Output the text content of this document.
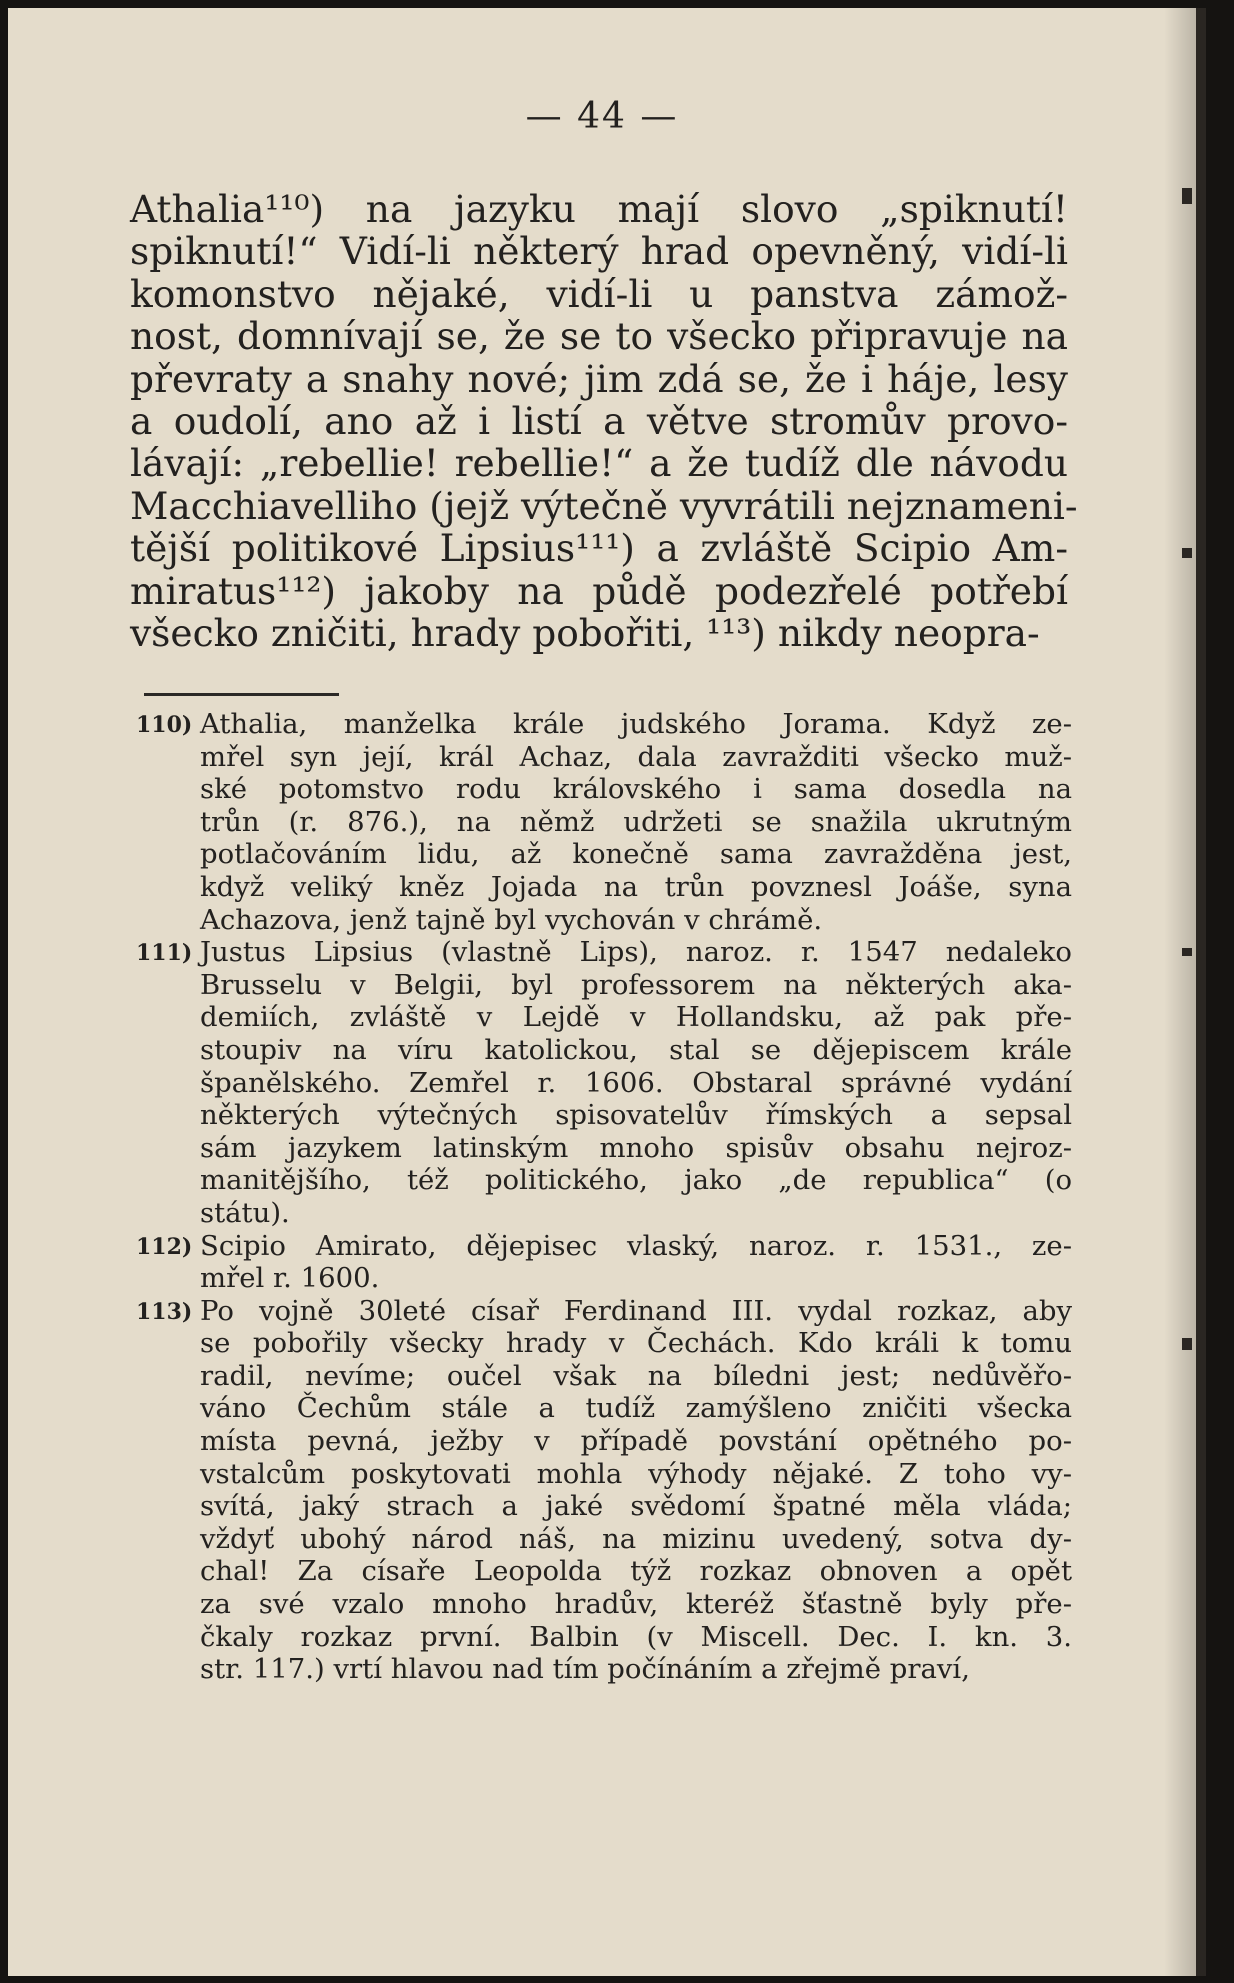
— 44 —
Athalia¹¹⁰) na jazyku mají slovo „spiknutí!
spiknutí!“ Vidí-li některý hrad opevněný, vidí-li
komonstvo nějaké, vidí-li u panstva zámož-
nost, domnívají se, že se to všecko připravuje na
převraty a snahy nové; jim zdá se, že i háje, lesy
a oudolí, ano až i listí a větve stromův provo-
lávají: „rebellie! rebellie!“ a že tudíž dle návodu
Macchiavelliho (jejž výtečně vyvrátili nejznameni-
tější politikové Lipsius¹¹¹) a zvláště Scipio Am-
miratus¹¹²) jakoby na půdě podezřelé potřebí
všecko zničiti, hrady pobořiti, ¹¹³) nikdy neopra-
110) Athalia, manželka krále judského Jorama. Když ze-
mřel syn její, král Achaz, dala zavražditi všecko muž-
ské potomstvo rodu královského i sama dosedla na
trůn (r. 876.), na němž udržeti se snažila ukrutným
potlačováním lidu, až konečně sama zavražděna jest,
když veliký kněz Jojada na trůn povznesl Joáše, syna
Achazova, jenž tajně byl vychován v chrámě.
111) Justus Lipsius (vlastně Lips), naroz. r. 1547 nedaleko
Brusselu v Belgii, byl professorem na některých aka-
demiích, zvláště v Lejdě v Hollandsku, až pak pře-
stoupiv na víru katolickou, stal se dějepiscem krále
španělského. Zemřel r. 1606. Obstaral správné vydání
některých výtečných spisovatelův římských a sepsal
sám jazykem latinským mnoho spisův obsahu nejroz-
manitějšího, též politického, jako „de republica“ (o
státu).
112) Scipio Amirato, dějepisec vlaský, naroz. r. 1531., ze-
mřel r. 1600.
113) Po vojně 30leté císař Ferdinand III. vydal rozkaz, aby
se pobořily všecky hrady v Čechách. Kdo králi k tomu
radil, nevíme; oučel však na bíledni jest; nedůvěřo-
váno Čechům stále a tudíž zamýšleno zničiti všecka
místa pevná, ježby v případě povstání opětného po-
vstalcům poskytovati mohla výhody nějaké. Z toho vy-
svítá, jaký strach a jaké svědomí špatné měla vláda;
vždyť ubohý národ náš, na mizinu uvedený, sotva dy-
chal! Za císaře Leopolda týž rozkaz obnoven a opět
za své vzalo mnoho hradův, kteréž šťastně byly pře-
čkaly rozkaz první. Balbin (v Miscell. Dec. I. kn. 3.
str. 117.) vrtí hlavou nad tím počínáním a zřejmě praví,
